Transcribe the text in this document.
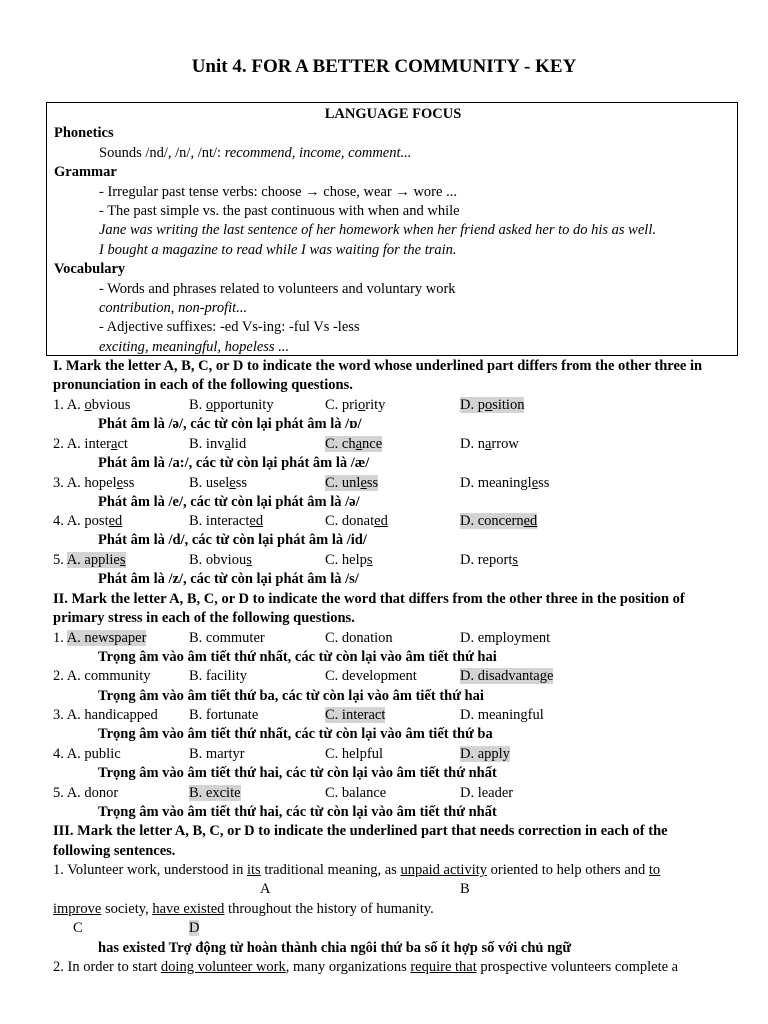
Unit 4. FOR A BETTER COMMUNITY - KEY
LANGUAGE FOCUS
Phonetics
Sounds /nd/, /n/, /nt/: recommend, income, comment...
Grammar
- Irregular past tense verbs: choose → chose, wear → wore ...
- The past simple vs. the past continuous with when and while
Jane was writing the last sentence of her homework when her friend asked her to do his as well.
I bought a magazine to read while I was waiting for the train.
Vocabulary
- Words and phrases related to volunteers and voluntary work
contribution, non-profit...
- Adjective suffixes: -ed Vs-ing: -ful Vs -less
exciting, meaningful, hopeless ...
I. Mark the letter A, B, C, or D to indicate the word whose underlined part differs from the other three in
pronunciation in each of the following questions.
1. A. obvious	B. opportunity	C. priority	D. position
Phát âm là /ə/, các từ còn lại phát âm là /ɒ/
2. A. interact	B. invalid	C. chance	D. narrow
Phát âm là /a:/, các từ còn lại phát âm là /æ/
3. A. hopeless	B. useless	C. unless	D. meaningless
Phát âm là /e/, các từ còn lại phát âm là /ə/
4. A. posted	B. interacted	C. donated	D. concerned
Phát âm là /d/, các từ còn lại phát âm là /id/
5. A. applies	B. obvious	C. helps	D. reports
Phát âm là /z/, các từ còn lại phát âm là /s/
II. Mark the letter A, B, C, or D to indicate the word that differs from the other three in the position of
primary stress in each of the following questions.
1. A. newspaper	B. commuter	C. donation	D. employment
Trọng âm vào âm tiết thứ nhất, các từ còn lại vào âm tiết thứ hai
2. A. community	B. facility	C. development	D. disadvantage
Trọng âm vào âm tiết thứ ba, các từ còn lại vào âm tiết thứ hai
3. A. handicapped B. fortunate	C. interact	D. meaningful
Trọng âm vào âm tiết thứ nhất, các từ còn lại vào âm tiết thứ ba
4. A. public	B. martyr	C. helpful	D. apply
Trọng âm vào âm tiết thứ hai, các từ còn lại vào âm tiết thứ nhất
5. A. donor	B. excite	C. balance	D. leader
Trọng âm vào âm tiết thứ hai, các từ còn lại vào âm tiết thứ nhất
III. Mark the letter A, B, C, or D to indicate the underlined part that needs correction in each of the
following sentences.
1. Volunteer work, understood in its traditional meaning, as unpaid activity oriented to help others and to
A	B
improve society, have existed throughout the history of humanity.
C	D
has existed Trợ động từ hoàn thành chia ngôi thứ ba số ít hợp số với chủ ngữ
2. In order to start doing volunteer work, many organizations require that prospective volunteers complete a
